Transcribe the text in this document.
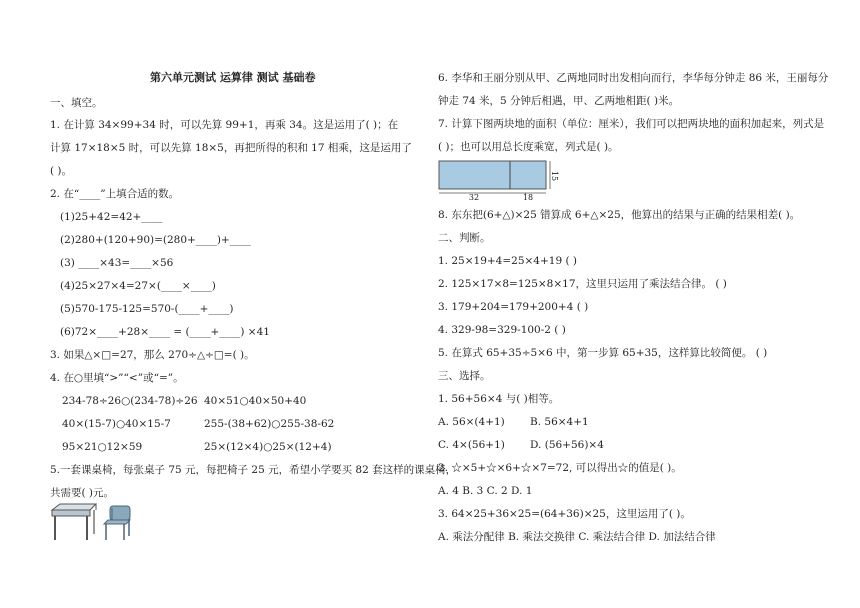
第六单元测试 运算律 测试 基础卷
一、填空。
1. 在计算 34×99+34 时，可以先算 99+1，再乘 34。这是运用了( )；在
计算 17×18×5 时，可以先算 18×5，再把所得的积和 17 相乘，这是运用了
( )。
2. 在“____”上填合适的数。
(1)25+42=42+____
(2)280+(120+90)=(280+____)+____
(3) ____×43=____×56
(4)25×27×4=27×(____×____)
(5)570-175-125=570-(____+____)
(6)72×____+28×____ = (____+____) ×41
3. 如果△×□=27，那么 270÷△÷□=( )。
4. 在○里填“>”“<”或“=”。
234-78÷26○(234-78)÷26 40×51○40×50+40
40×(15-7)○40×15-7	255-(38+62)○255-38-62
95×21○12×59	25×(12×4)○25×(12+4)
5.一套课桌椅，每张桌子 75 元，每把椅子 25 元，希望小学要买 82 套这样的课桌椅，
共需要( )元。
6. 李华和王丽分别从甲、乙两地同时出发相向而行，李华每分钟走 86 米，王丽每分
钟走 74 米，5 分钟后相遇，甲、乙两地相距( )米。
7. 计算下图两块地的面积（单位：厘米），我们可以把两块地的面积加起来，列式是
( )；也可以用总长度乘宽，列式是( )。
32	18
15
8. 东东把(6+△)×25 错算成 6+△×25，他算出的结果与正确的结果相差( )。
二、判断。
1. 25×19+4=25×4+19 ( )
2. 125×17×8=125×8×17，这里只运用了乘法结合律。 ( )
3. 179+204=179+200+4 ( )
4. 329-98=329-100-2 ( )
5. 在算式 65+35÷5×6 中，第一步算 65+35，这样算比较简便。 ( )
三、选择。
1. 56+56×4 与( )相等。
A. 56×(4+1) B. 56×4+1
C. 4×(56+1) D. (56+56)×4
2. ☆×5+☆×6+☆×7=72, 可以得出☆的值是( )。
A. 4 B. 3 C. 2 D. 1
3. 64×25+36×25=(64+36)×25，这里运用了( )。
A. 乘法分配律 B. 乘法交换律 C. 乘法结合律 D. 加法结合律
